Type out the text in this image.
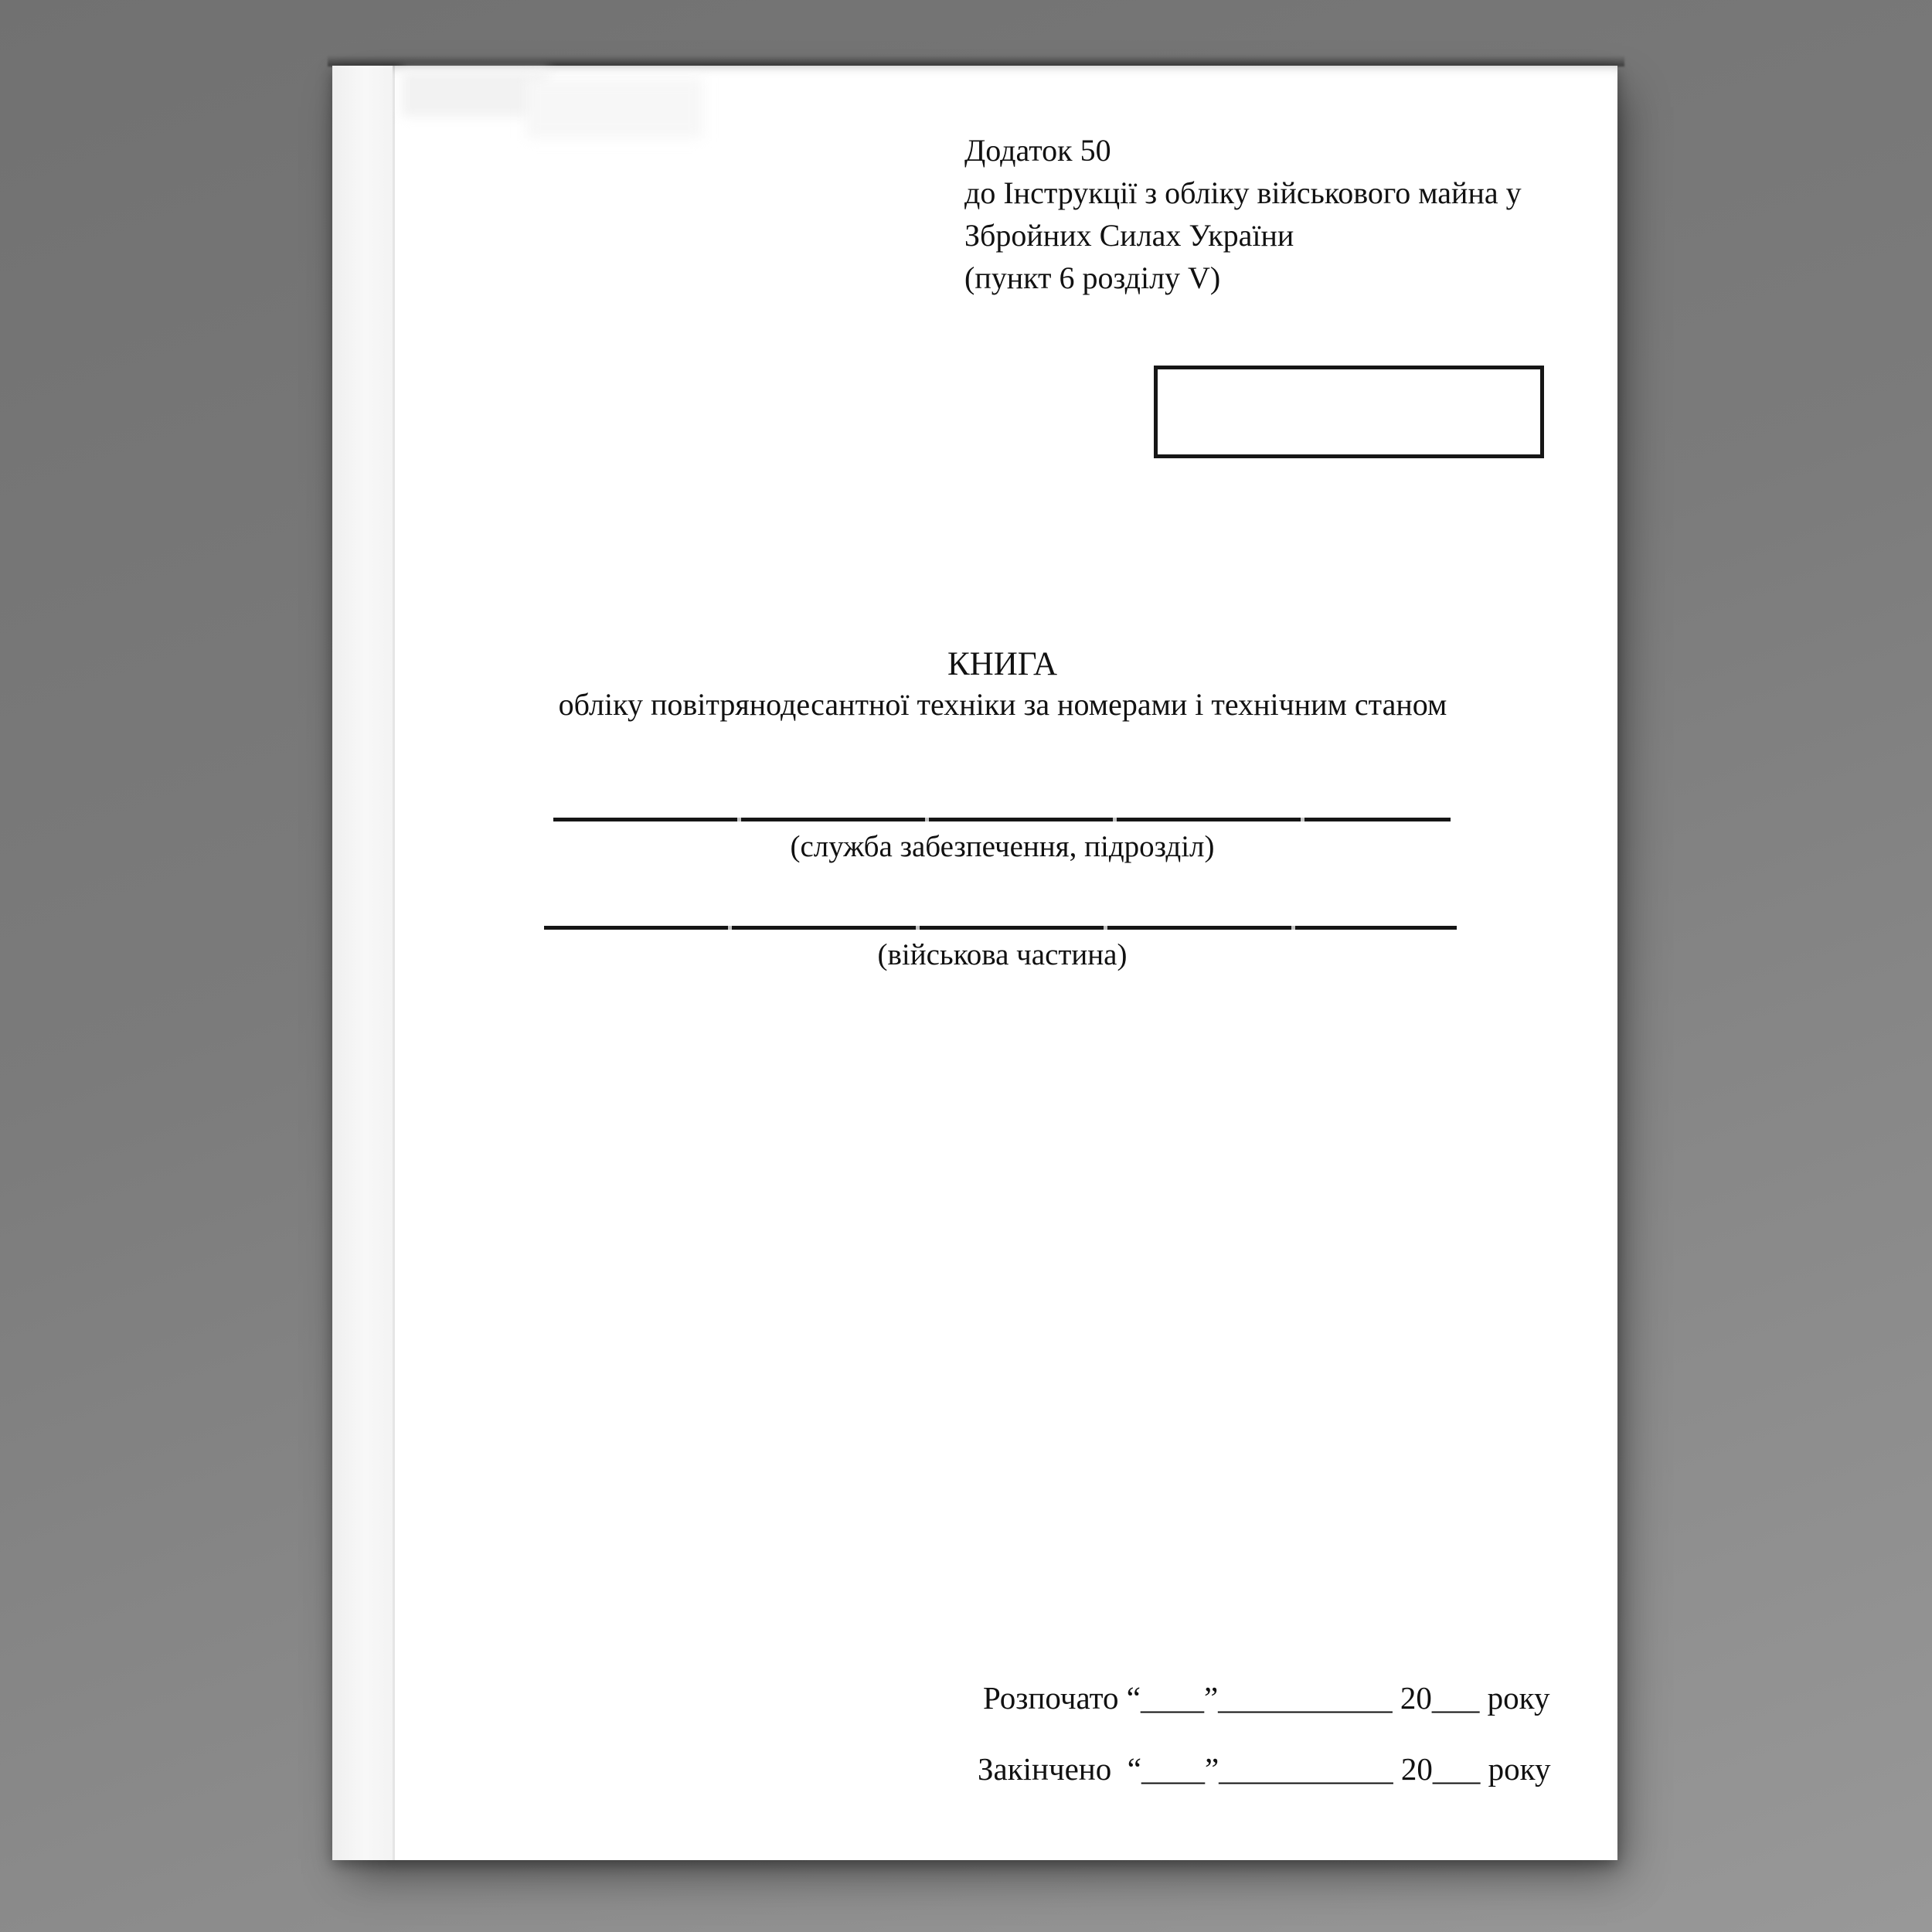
Додаток 50
до Інструкції з обліку військового майна у
Збройних Силах України
(пункт 6 розділу V)
КНИГА
обліку повітрянодесантної техніки за номерами і технічним станом
(служба забезпечення, підрозділ)
(військова частина)
Розпочато “____”___________ 20___ року
Закінчено  “____”___________ 20___ року
